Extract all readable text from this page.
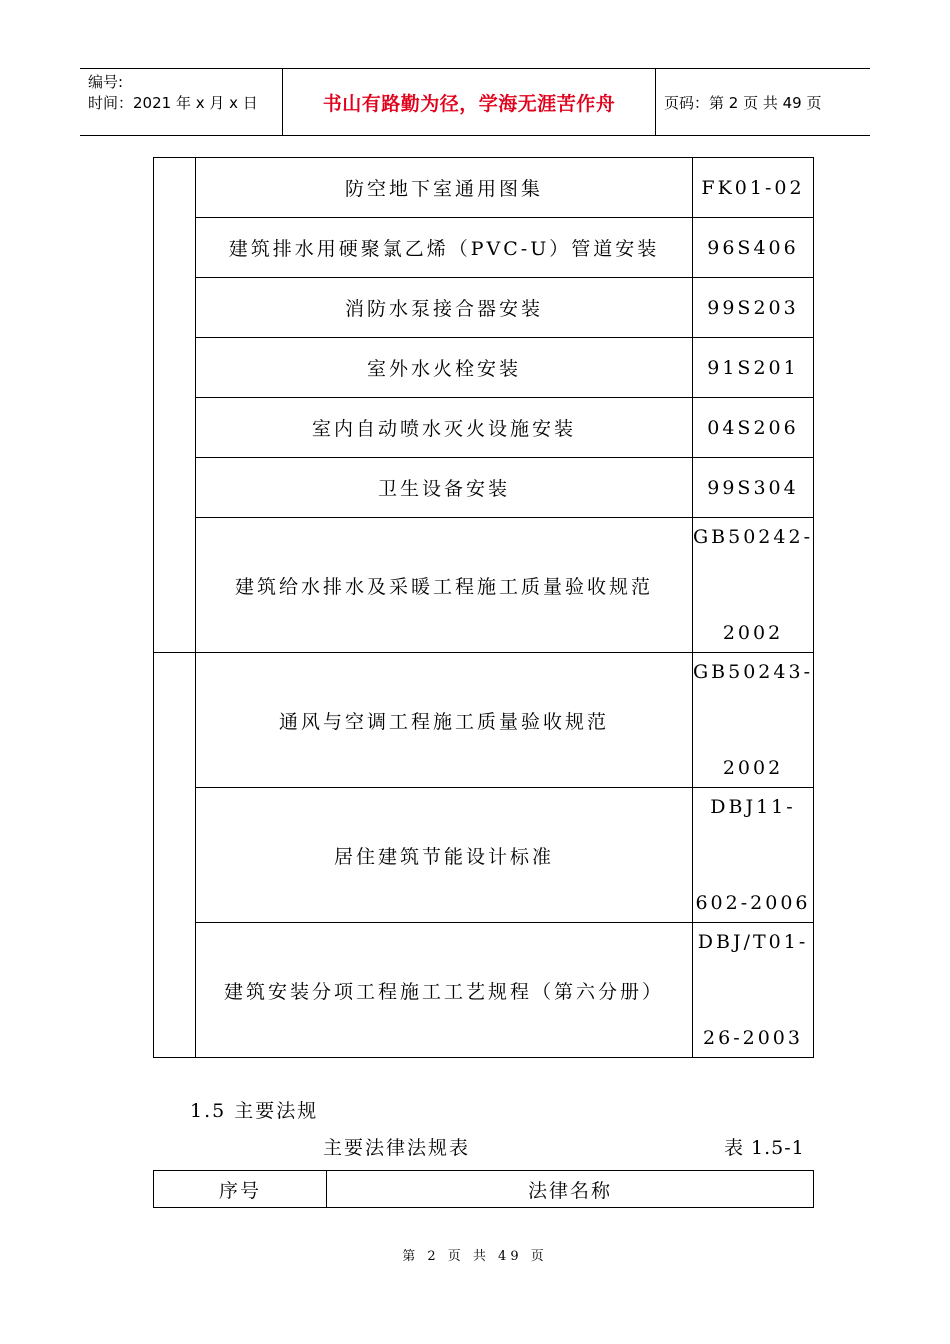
编号:
时间：2021 年 x 月 x 日	书山有路勤为径，学海无涯苦作舟	页码：第 2 页 共 49 页
	防空地下室通用图集	FK01-02
	建筑排水用硬聚氯乙烯（PVC-U）管道安装	96S406
	消防水泵接合器安装	99S203
	室外水火栓安装	91S201
	室内自动喷水灭火设施安装	04S206
	卫生设备安装	99S304
	建筑给水排水及采暖工程施工质量验收规范	GB50242-
2002

	通风与空调工程施工质量验收规范	GB50243-
2002

	居住建筑节能设计标准	DBJ11-
602-2006

	建筑安装分项工程施工工艺规程（第六分册）	DBJ/T01-
26-2003
1.5 主要法规
主要法律法规表	表 1.5-1
序号	法律名称
第 2 页 共 49 页
